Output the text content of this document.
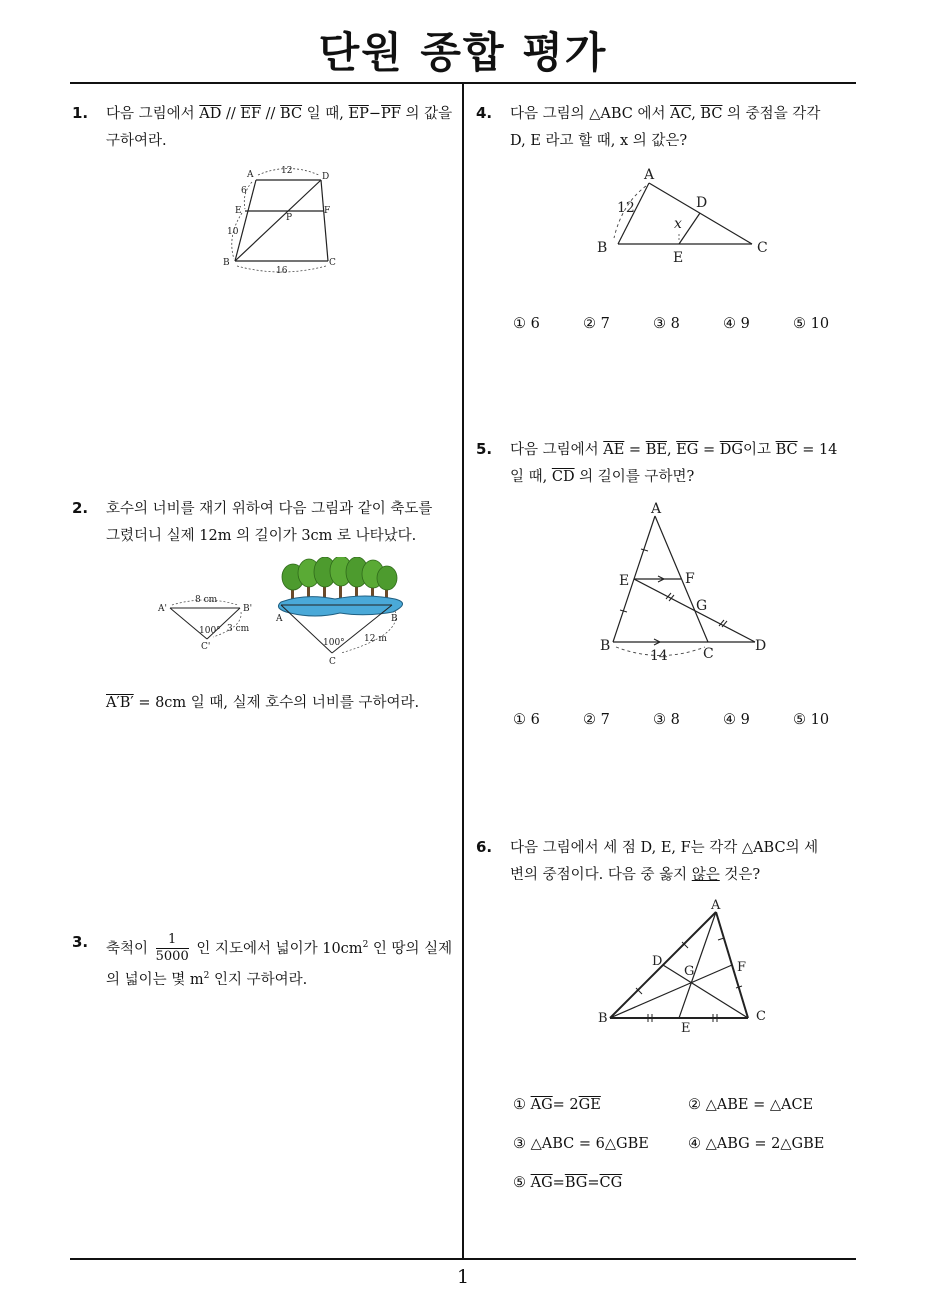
단원 종합 평가
1
1. 다음 그림에서 $\overline{AD} // \overline{EF} // \overline{BC}$ 일 때, $\overline{EP}-\overline{PF}$ 의 값을
구하여라.
A	D
E	F
P
B	C
12
6
10
16
2. 호수의 너비를 재기 위하여 다음 그림과 같이 축도를
그렸더니 실제 12m 의 길이가 3cm 로 나타났다.
A'	B'
C'
8 cm
100° 3 cm
A	B
C
100° 12 m
A′B′ = 8cm 일 때, 실제 호수의 너비를 구하여라.
3. 축척이 $\frac{1}{5000}$ 인 지도에서 넓이가 $10cm^2$ 인 땅의 실제
의 넓이는 몇 $m^2$ 인지 구하여라.
4. 다음 그림의 △ABC 에서 $\overline{AC}$, $\overline{BC}$ 의 중점을 각각
D, E 라고 할 때, x 의 값은?
A
B	C
D
E
12
x
① 6	② 7	③ 8	④ 9	⑤ 10
5. 다음 그림에서 $\overline{AE} = \overline{BE}$, $\overline{EG} = \overline{DG}$이고 $\overline{BC} = 14$
일 때, $\overline{CD}$ 의 길이를 구하면?
A
E	F
G
B	C	D
14
① 6	② 7	③ 8	④ 9	⑤ 10
6. 다음 그림에서 세 점 D, E, F는 각각 △ABC의 세
변의 중점이다. 다음 중 옳지 않은 것은?
A
B	C
D
E
F
G
① $\overline{AG}= 2\overline{GE}$	② △ABE = △ACE
③ △ABC = 6△GBE	④ △ABG = 2△GBE
⑤ $\overline{AG}=\overline{BG}=\overline{CG}$
